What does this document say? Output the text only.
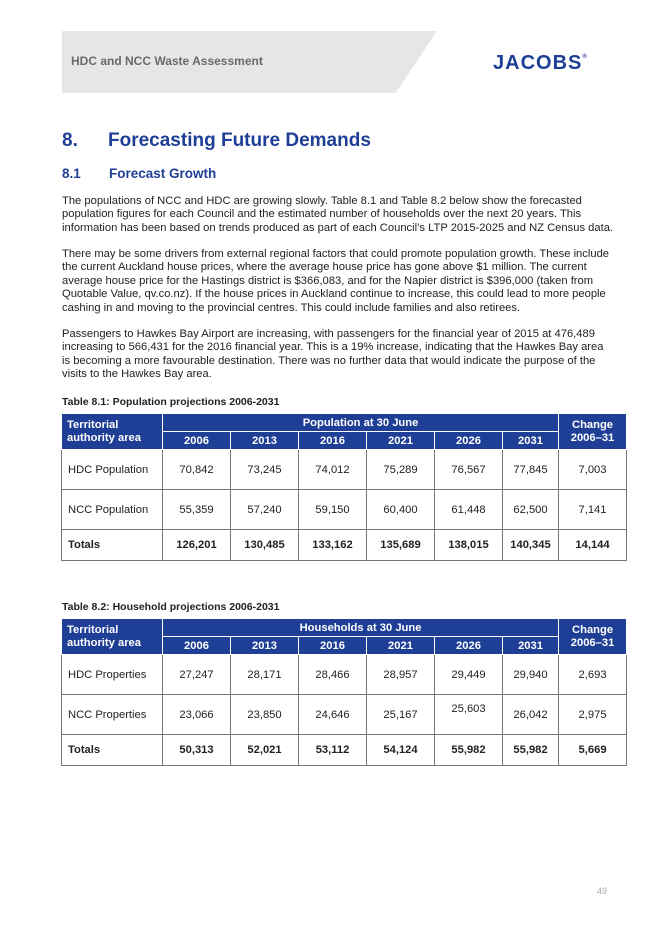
HDC and NCC Waste Assessment	JACOBS®
8. Forecasting Future Demands
8.1 Forecast Growth

The populations of NCC and HDC are growing slowly. Table 8.1 and Table 8.2 below show the forecasted population figures for each Council and the estimated number of households over the next 20 years. This information has been based on trends produced as part of each Council’s LTP 2015-2025 and NZ Census data.

There may be some drivers from external regional factors that could promote population growth. These include the current Auckland house prices, where the average house price has gone above $1 million. The current average house price for the Hastings district is $366,083, and for the Napier district is $396,000 (taken from Quotable Value, qv.co.nz). If the house prices in Auckland continue to increase, this could lead to more people cashing in and moving to the provincial centres. This could include families and also retirees.

Passengers to Hawkes Bay Airport are increasing, with passengers for the financial year of 2015 at 476,489 increasing to 566,431 for the 2016 financial year. This is a 19% increase, indicating that the Hawkes Bay area is becoming a more favourable destination. There was no further data that would indicate the purpose of the visits to the Hawkes Bay area.

Table 8.1: Population projections 2006-2031

Territorial authority area	Population at 30 June						Change 2006–31
	2006	2013	2016	2021	2026	2031	
HDC Population	70,842	73,245	74,012	75,289	76,567	77,845	7,003
NCC Population	55,359	57,240	59,150	60,400	61,448	62,500	7,141
Totals	126,201	130,485	133,162	135,689	138,015	140,345	14,144

Table 8.2: Household projections 2006-2031

Territorial authority area	Households at 30 June						Change 2006–31
	2006	2013	2016	2021	2026	2031	
HDC Properties	27,247	28,171	28,466	28,957	29,449	29,940	2,693
NCC Properties	23,066	23,850	24,646	25,167	25,603	26,042	2,975
Totals	50,313	52,021	53,112	54,124	55,982	55,982	5,669
49
